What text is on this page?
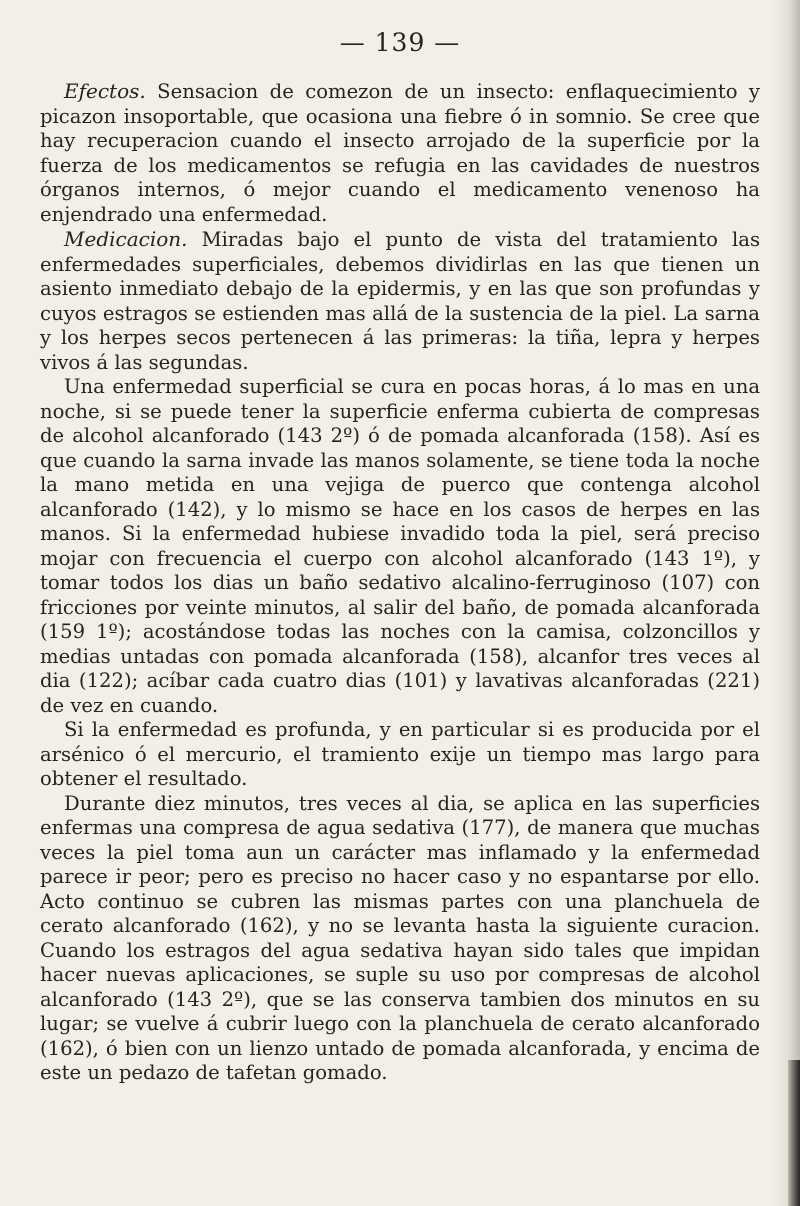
— 139 —

Efectos. Sensacion de comezon de un insecto: enflaquecimiento y picazon insoportable, que ocasiona una fiebre ó in somnio. Se cree que hay recuperacion cuando el insecto arrojado de la superficie por la fuerza de los medicamentos se refugia en las cavidades de nuestros órganos internos, ó mejor cuando el medicamento venenoso ha enjendrado una enfermedad.

Medicacion. Miradas bajo el punto de vista del tratamiento las enfermedades superficiales, debemos dividirlas en las que tienen un asiento inmediato debajo de la epidermis, y en las que son profundas y cuyos estragos se estienden mas allá de la sustencia de la piel. La sarna y los herpes secos pertenecen á las primeras: la tiña, lepra y herpes vivos á las segundas.

Una enfermedad superficial se cura en pocas horas, á lo mas en una noche, si se puede tener la superficie enferma cubierta de compresas de alcohol alcanforado (143 2º) ó de pomada alcanforada (158). Así es que cuando la sarna invade las manos solamente, se tiene toda la noche la mano metida en una vejiga de puerco que contenga alcohol alcanforado (142), y lo mismo se hace en los casos de herpes en las manos. Si la enfermedad hubiese invadido toda la piel, será preciso mojar con frecuencia el cuerpo con alcohol alcanforado (143 1º), y tomar todos los dias un baño sedativo alcalino-ferruginoso (107) con fricciones por veinte minutos, al salir del baño, de pomada alcanforada (159 1º); acostándose todas las noches con la camisa, colzoncillos y medias untadas con pomada alcanforada (158), alcanfor tres veces al dia (122); acíbar cada cuatro dias (101) y lavativas alcanforadas (221) de vez en cuando.

Si la enfermedad es profunda, y en particular si es producida por el arsénico ó el mercurio, el tramiento exije un tiempo mas largo para obtener el resultado.

Durante diez minutos, tres veces al dia, se aplica en las superficies enfermas una compresa de agua sedativa (177), de manera que muchas veces la piel toma aun un carácter mas inflamado y la enfermedad parece ir peor; pero es preciso no hacer caso y no espantarse por ello. Acto continuo se cubren las mismas partes con una planchuela de cerato alcanforado (162), y no se levanta hasta la siguiente curacion. Cuando los estragos del agua sedativa hayan sido tales que impidan hacer nuevas aplicaciones, se suple su uso por compresas de alcohol alcanforado (143 2º), que se las conserva tambien dos minutos en su lugar; se vuelve á cubrir luego con la planchuela de cerato alcanforado (162), ó bien con un lienzo untado de pomada alcanforada, y encima de este un pedazo de tafetan gomado.
